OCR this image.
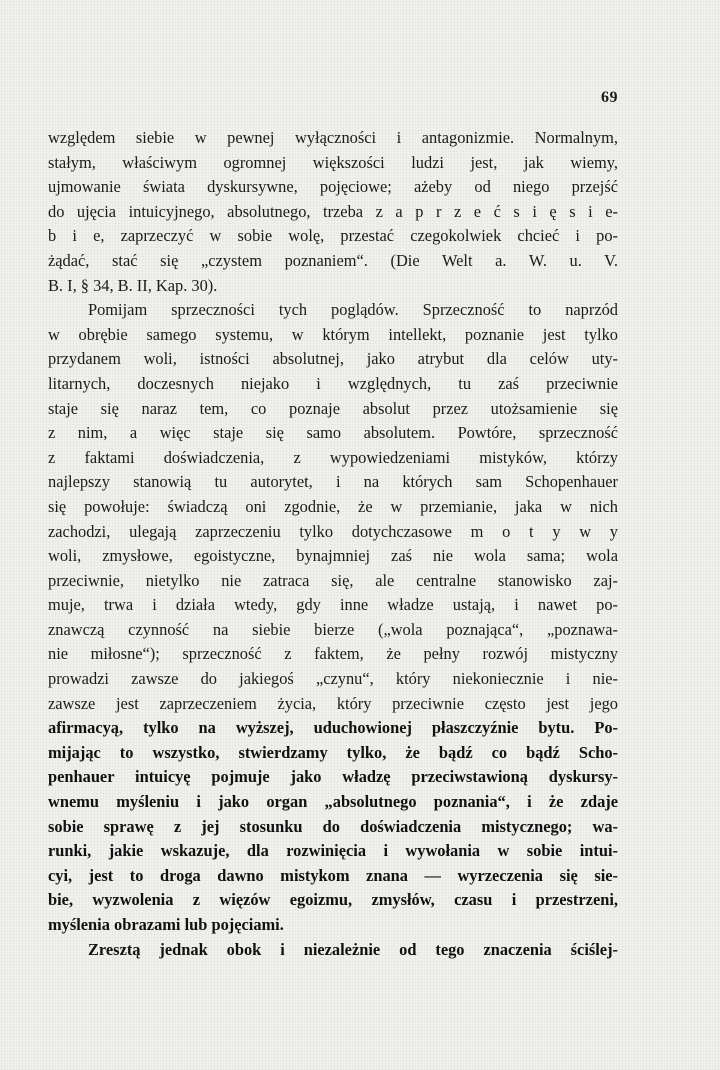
69
względem siebie w pewnej wyłączności i antagonizmie. Normalnym,
stałym, właściwym ogromnej większości ludzi jest, jak wiemy,
ujmowanie świata dyskursywne, pojęciowe; ażeby od niego przejść
do ujęcia intuicyjnego, absolutnego, trzeba z a p r z e ć s i ę s i e-
b i e, zaprzeczyć w sobie wolę, przestać czegokolwiek chcieć i po-
żądać, stać się „czystem poznaniem“. (Die Welt a. W. u. V.
B. I, § 34, B. II, Kap. 30).
Pomijam sprzeczności tych poglądów. Sprzeczność to naprzód
w obrębie samego systemu, w którym intellekt, poznanie jest tylko
przydanem woli, istności absolutnej, jako atrybut dla celów uty-
litarnych, doczesnych niejako i względnych, tu zaś przeciwnie
staje się naraz tem, co poznaje absolut przez utożsamienie się
z nim, a więc staje się samo absolutem. Powtóre, sprzeczność
z faktami doświadczenia, z wypowiedzeniami mistyków, którzy
najlepszy stanowią tu autorytet, i na których sam Schopenhauer
się powołuje: świadczą oni zgodnie, że w przemianie, jaka w nich
zachodzi, ulegają zaprzeczeniu tylko dotychczasowe m o t y w y
woli, zmysłowe, egoistyczne, bynajmniej zaś nie wola sama; wola
przeciwnie, nietylko nie zatraca się, ale centralne stanowisko zaj-
muje, trwa i działa wtedy, gdy inne władze ustają, i nawet po-
znawczą czynność na siebie bierze („wola poznająca“, „poznawa-
nie miłosne“); sprzeczność z faktem, że pełny rozwój mistyczny
prowadzi zawsze do jakiegoś „czynu“, który niekoniecznie i nie-
zawsze jest zaprzeczeniem życia, który przeciwnie często jest jego
afirmacyą, tylko na wyższej, uduchowionej płaszczyźnie bytu. Po-
mijając to wszystko, stwierdzamy tylko, że bądź co bądź Scho-
penhauer intuicyę pojmuje jako władzę przeciwstawioną dyskursy-
wnemu myśleniu i jako organ „absolutnego poznania“, i że zdaje
sobie sprawę z jej stosunku do doświadczenia mistycznego; wa-
runki, jakie wskazuje, dla rozwinięcia i wywołania w sobie intui-
cyi, jest to droga dawno mistykom znana — wyrzeczenia się sie-
bie, wyzwolenia z więzów egoizmu, zmysłów, czasu i przestrzeni,
myślenia obrazami lub pojęciami.
Zresztą jednak obok i niezależnie od tego znaczenia ściślej-
